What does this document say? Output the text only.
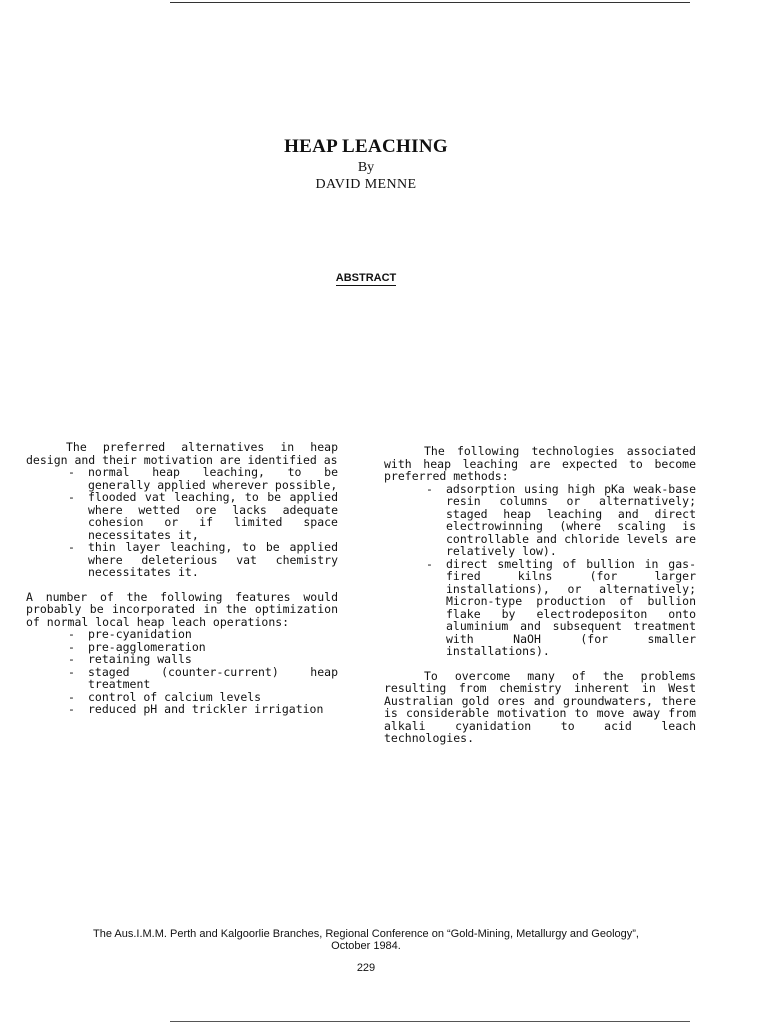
HEAP LEACHING
By
DAVID MENNE
ABSTRACT
The preferred alternatives in heap design and their motivation are identified as
- normal heap leaching, to be generally applied wherever possible,
- flooded vat leaching, to be applied where wetted ore lacks adequate cohesion or if limited space necessitates it,
- thin layer leaching, to be applied where deleterious vat chemistry necessitates it.
A number of the following features would probably be incorporated in the optimization of normal local heap leach operations:
- pre-cyanidation
- pre-agglomeration
- retaining walls
- staged (counter-current) heap treatment
- control of calcium levels
- reduced pH and trickler irrigation
The following technologies associated with heap leaching are expected to become preferred methods:
- adsorption using high pKa weak-base resin columns or alternatively; staged heap leaching and direct electrowinning (where scaling is controllable and chloride levels are relatively low).
- direct smelting of bullion in gas-fired kilns (for larger installations), or alternatively; Micron-type production of bullion flake by electrodepositon onto aluminium and subsequent treatment with NaOH (for smaller installations).
To overcome many of the problems resulting from chemistry inherent in West Australian gold ores and groundwaters, there is considerable motivation to move away from alkali cyanidation to acid leach technologies.
The Aus.I.M.M. Perth and Kalgoorlie Branches, Regional Conference on “Gold-Mining, Metallurgy and Geology”,
October 1984.
229
